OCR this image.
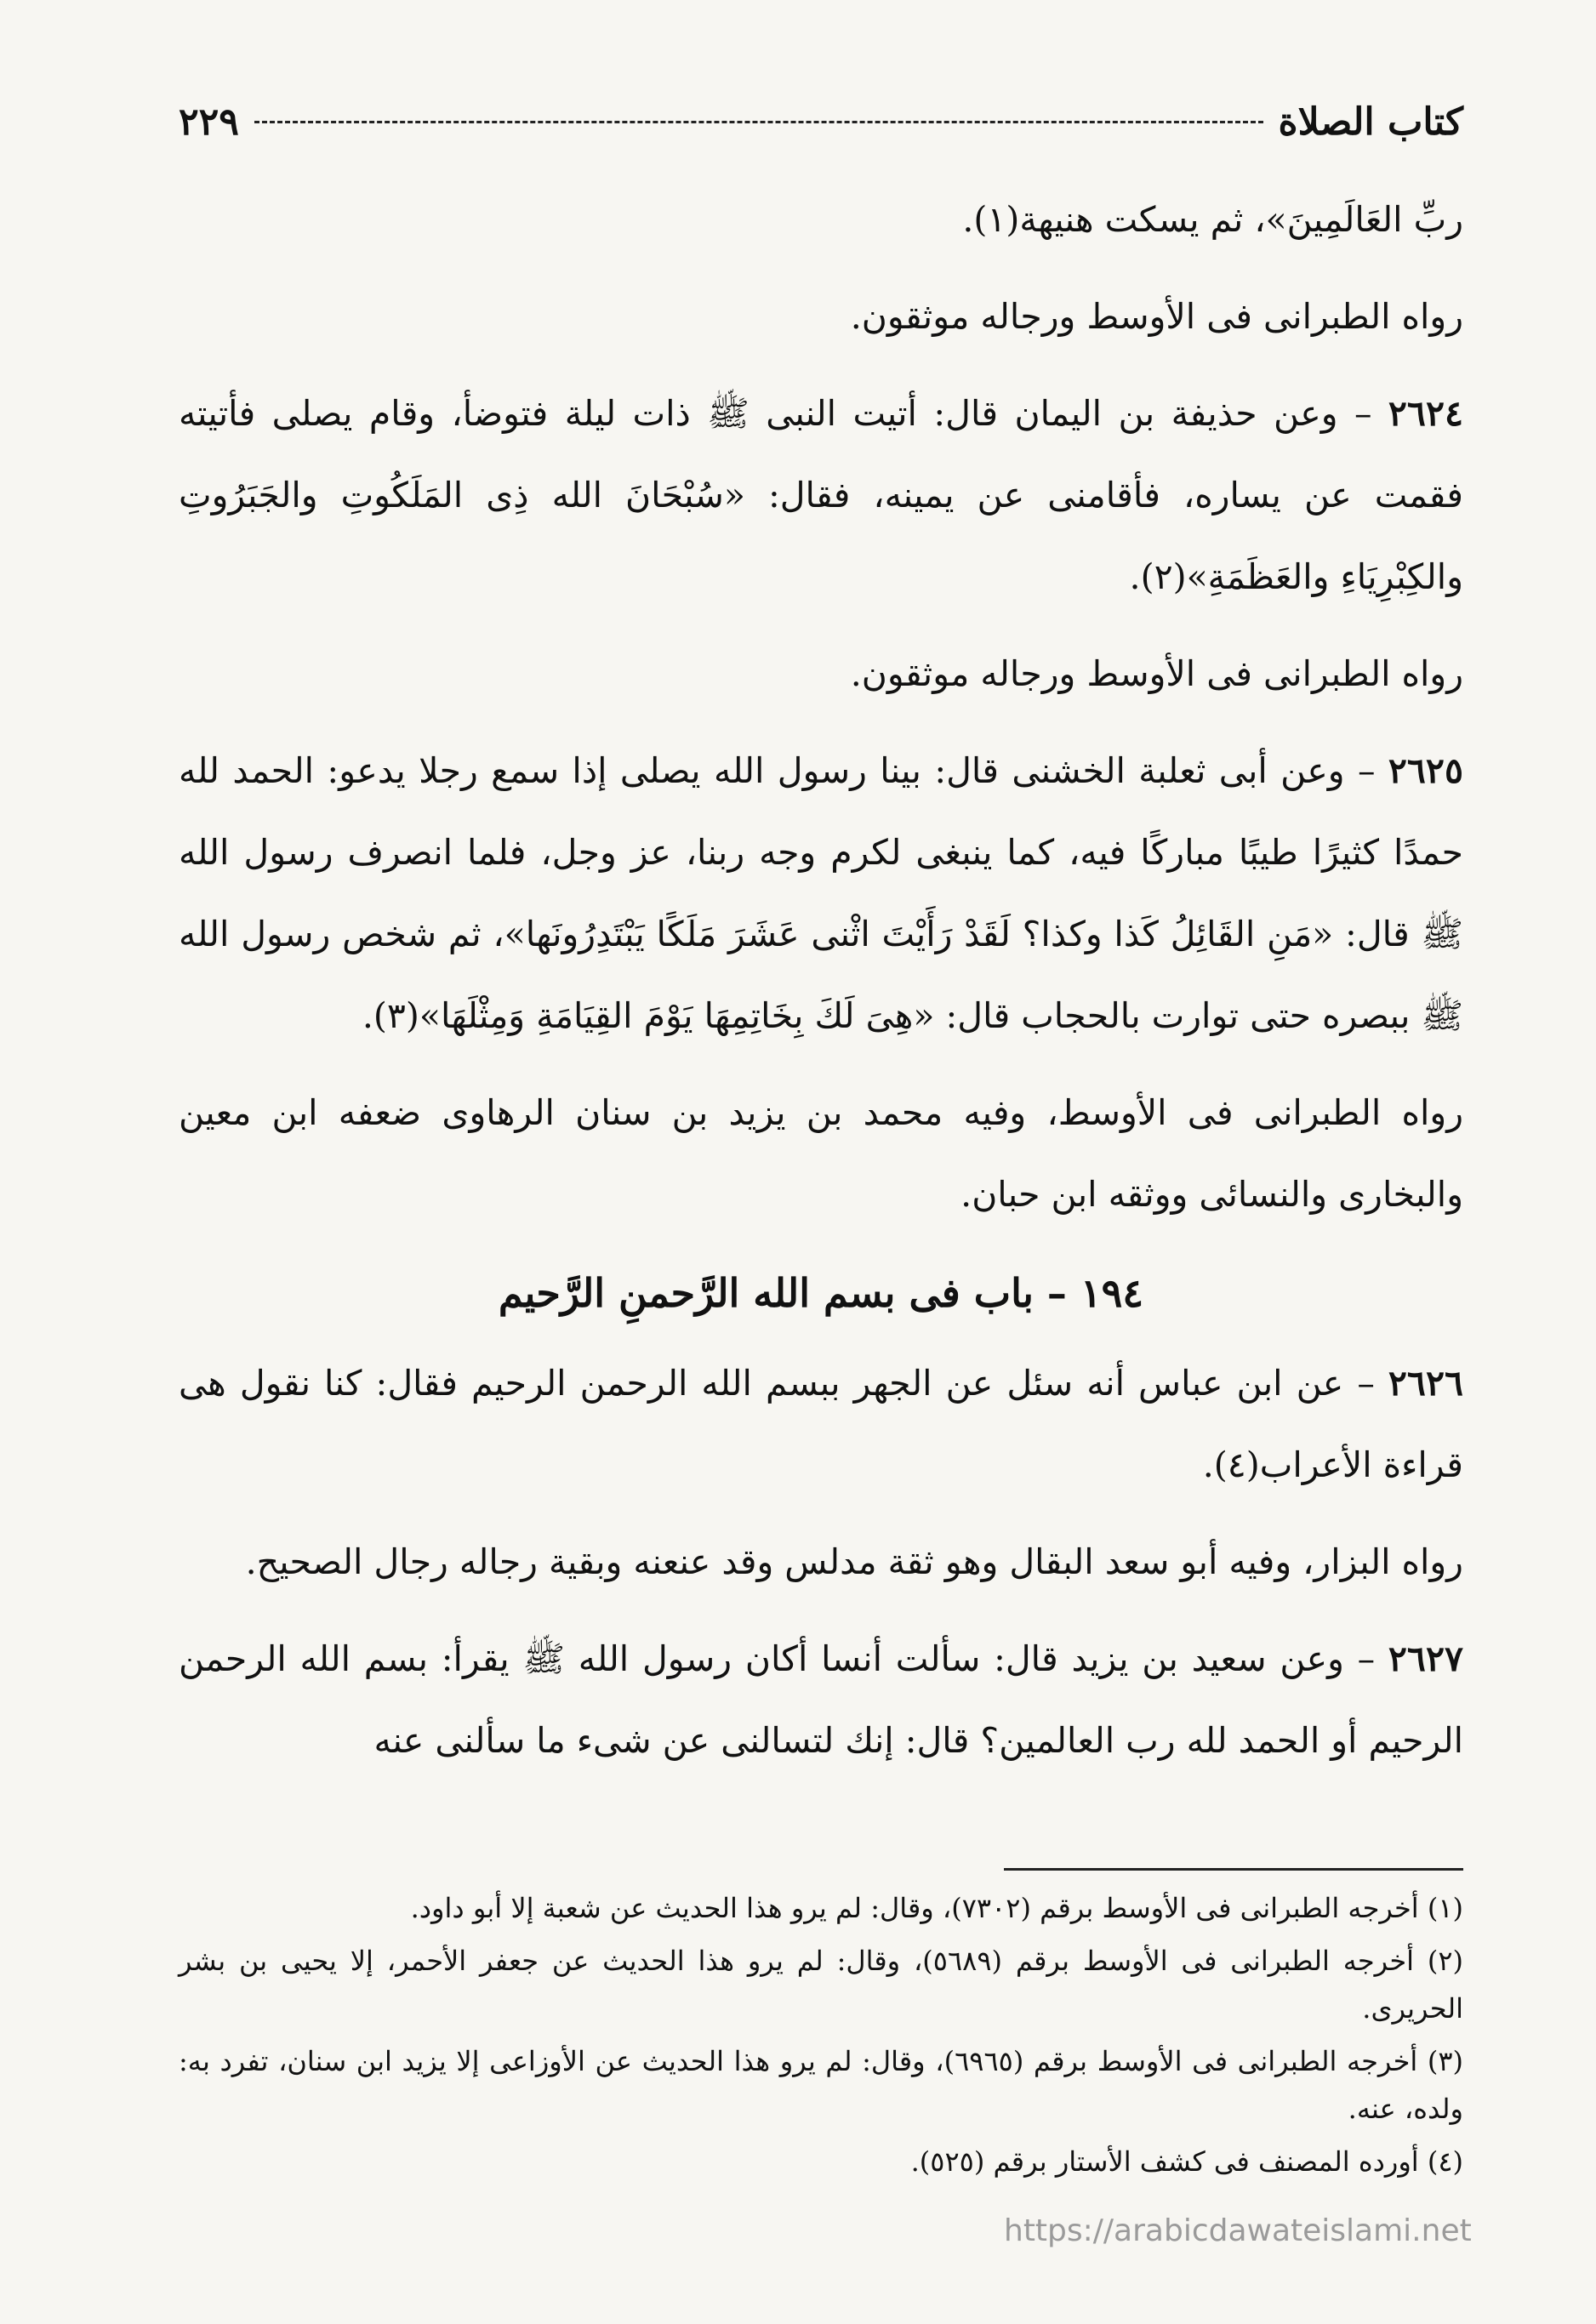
كتاب الصلاة
٢٢٩

ربِّ العَالَمِينَ»، ثم يسكت هنيهة(١).

رواه الطبرانى فى الأوسط ورجاله موثقون.

٢٦٢٤ – وعن حذيفة بن اليمان قال: أتيت النبى ﷺ ذات ليلة فتوضأ، وقام يصلى فأتيته فقمت عن يساره، فأقامنى عن يمينه، فقال: «سُبْحَانَ الله ذِى المَلَكُوتِ والجَبَرُوتِ والكِبْرِيَاءِ والعَظَمَةِ»(٢).

رواه الطبرانى فى الأوسط ورجاله موثقون.

٢٦٢٥ – وعن أبى ثعلبة الخشنى قال: بينا رسول الله يصلى إذا سمع رجلا يدعو: الحمد لله حمدًا كثيرًا طيبًا مباركًا فيه، كما ينبغى لكرم وجه ربنا، عز وجل، فلما انصرف رسول الله ﷺ قال: «مَنِ القَائِلُ كَذا وكذا؟ لَقَدْ رَأَيْتَ اثْنى عَشَرَ مَلَكًا يَبْتَدِرُونَها»، ثم شخص رسول الله ﷺ ببصره حتى توارت بالحجاب قال: «هِىَ لَكَ بِخَاتِمِهَا يَوْمَ القِيَامَةِ وَمِثْلَهَا»(٣).

رواه الطبرانى فى الأوسط، وفيه محمد بن يزيد بن سنان الرهاوى ضعفه ابن معين والبخارى والنسائى ووثقه ابن حبان.

١٩٤ – باب فى بسم الله الرَّحمنِ الرَّحيم

٢٦٢٦ – عن ابن عباس أنه سئل عن الجهر ببسم الله الرحمن الرحيم فقال: كنا نقول هى قراءة الأعراب(٤).

رواه البزار، وفيه أبو سعد البقال وهو ثقة مدلس وقد عنعنه وبقية رجاله رجال الصحيح.

٢٦٢٧ – وعن سعيد بن يزيد قال: سألت أنسا أكان رسول الله ﷺ يقرأ: بسم الله الرحمن الرحيم أو الحمد لله رب العالمين؟ قال: إنك لتسالنى عن شىء ما سألنى عنه

(١) أخرجه الطبرانى فى الأوسط برقم (٧٣٠٢)، وقال: لم يرو هذا الحديث عن شعبة إلا أبو داود.

(٢) أخرجه الطبرانى فى الأوسط برقم (٥٦٨٩)، وقال: لم يرو هذا الحديث عن جعفر الأحمر، إلا يحيى بن بشر الحريرى.

(٣) أخرجه الطبرانى فى الأوسط برقم (٦٩٦٥)، وقال: لم يرو هذا الحديث عن الأوزاعى إلا يزيد ابن سنان، تفرد به: ولده، عنه.

(٤) أورده المصنف فى كشف الأستار برقم (٥٢٥).

https://arabicdawateislami.net
